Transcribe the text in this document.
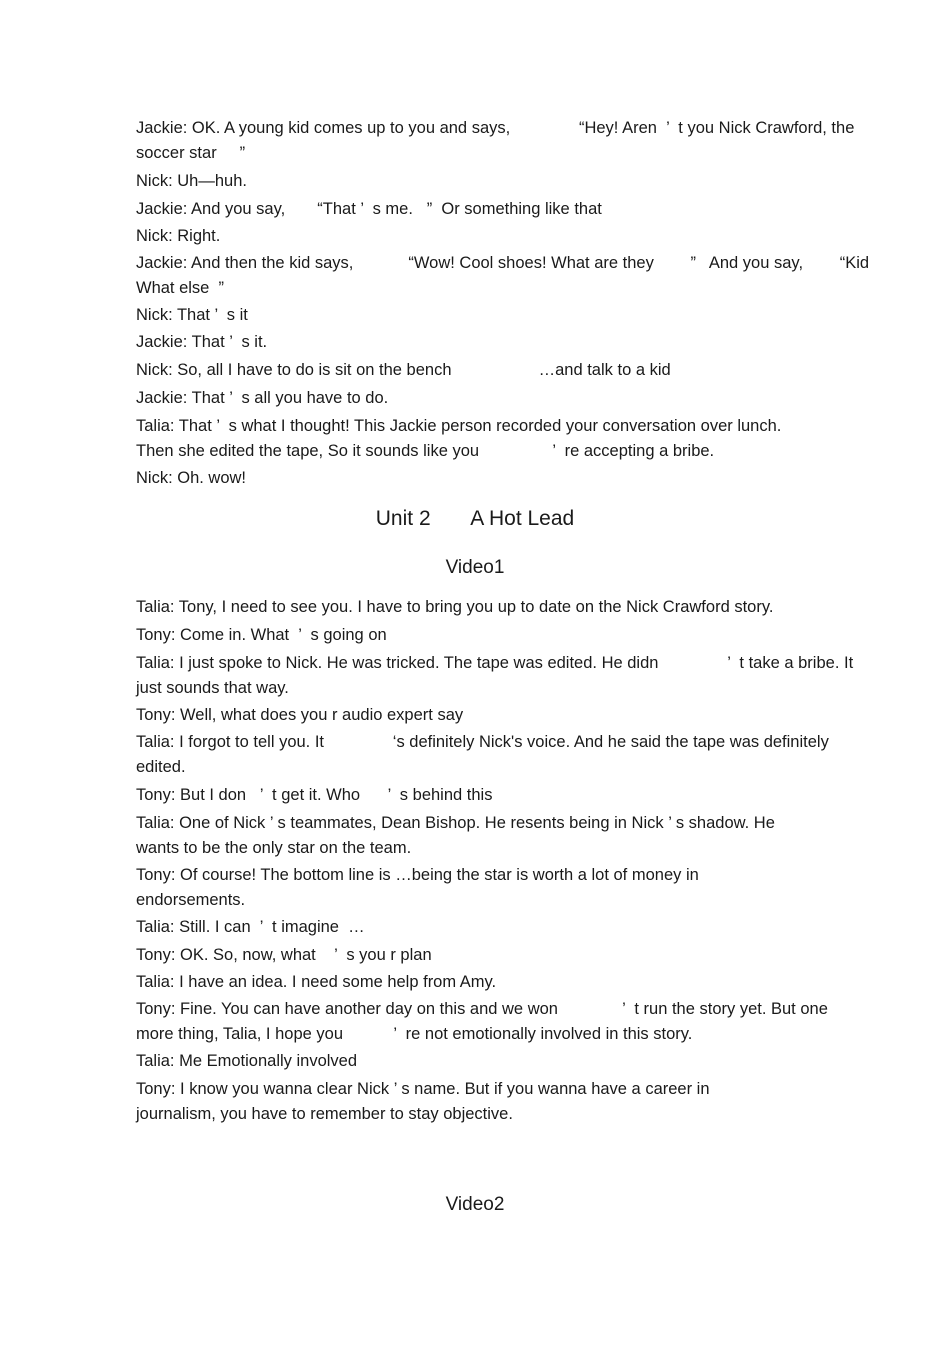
Jackie: OK. A young kid comes up to you and says,               “Hey! Aren  ’  t you Nick Crawford, the
soccer star     ”

Nick: Uh—huh.

Jackie: And you say,       “That ’  s me.   ”  Or something like that

Nick: Right.

Jackie: And then the kid says,            “Wow! Cool shoes! What are they        ”   And you say,        “Kid
What else  ”

Nick: That ’  s it

Jackie: That ’  s it.

Nick: So, all I have to do is sit on the bench                   …and talk to a kid

Jackie: That ’  s all you have to do.

Talia: That ’  s what I thought! This Jackie person recorded your conversation over lunch.
Then she edited the tape, So it sounds like you                ’  re accepting a bribe.

Nick: Oh. wow!

Unit 2       A Hot Lead
Video1

Talia: Tony, I need to see you. I have to bring you up to date on the Nick Crawford story.

Tony: Come in. What  ’  s going on

Talia: I just spoke to Nick. He was tricked. The tape was edited. He didn               ’  t take a bribe. It
just sounds that way.

Tony: Well, what does you r audio expert say

Talia: I forgot to tell you. It               ‘s definitely Nick's voice. And he said the tape was definitely
edited.

Tony: But I don   ’  t get it. Who      ’  s behind this

Talia: One of Nick ’ s teammates, Dean Bishop. He resents being in Nick ’ s shadow. He
wants to be the only star on the team.

Tony: Of course! The bottom line is …being the star is worth a lot of money in
endorsements.

Talia: Still. I can  ’  t imagine  …

Tony: OK. So, now, what    ’  s you r plan

Talia: I have an idea. I need some help from Amy.

Tony: Fine. You can have another day on this and we won              ’  t run the story yet. But one
more thing, Talia, I hope you           ’  re not emotionally involved in this story.

Talia: Me Emotionally involved

Tony: I know you wanna clear Nick ’ s name. But if you wanna have a career in
journalism, you have to remember to stay objective.

Video2
